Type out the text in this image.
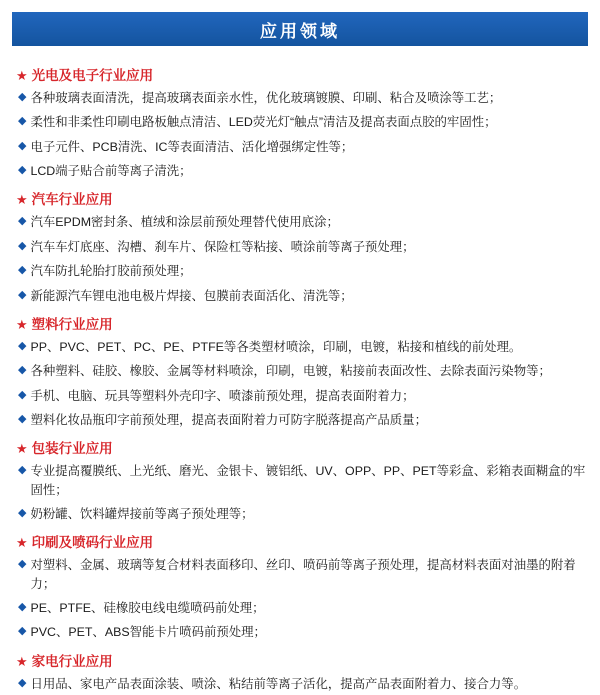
应用领域
★ 光电及电子行业应用
◆ 各种玻璃表面清洗，提高玻璃表面亲水性，优化玻璃镀膜、印刷、粘合及喷涂等工艺；
◆ 柔性和非柔性印刷电路板触点清洁、LED荧光灯“触点”清洁及提高表面点胶的牢固性；
◆ 电子元件、PCB清洗、IC等表面清洁、活化增强绑定性等；
◆ LCD端子贴合前等离子清洗；
★ 汽车行业应用
◆ 汽车EPDM密封条、植绒和涂层前预处理替代使用底涂；
◆ 汽车车灯底座、沟槽、刹车片、保险杠等粘接、喷涂前等离子预处理；
◆ 汽车防扎轮胎打胶前预处理；
◆ 新能源汽车锂电池电极片焊接、包膜前表面活化、清洗等；
★ 塑料行业应用
◆ PP、PVC、PET、PC、PE、PTFE等各类塑材喷涂，印刷，电镀，粘接和植线的前处理。
◆ 各种塑料、硅胶、橡胶、金属等材料喷涂，印刷，电镀，粘接前表面改性、去除表面污染物等；
◆ 手机、电脑、玩具等塑料外壳印字、喷漆前预处理，提高表面附着力；
◆ 塑料化妆品瓶印字前预处理，提高表面附着力可防字脱落提高产品质量；
★ 包装行业应用
◆ 专业提高覆膜纸、上光纸、磨光、金银卡、镀铝纸、UV、OPP、PP、PET等彩盒、彩箱表面糊盒的牢固性；
◆ 奶粉罐、饮料罐焊接前等离子预处理等；
★ 印刷及喷码行业应用
◆ 对塑料、金属、玻璃等复合材料表面移印、丝印、喷码前等离子预处理，提高材料表面对油墨的附着力；
◆ PE、PTFE、硅橡胶电线电缆喷码前处理；
◆ PVC、PET、ABS智能卡片喷码前预处理；
★ 家电行业应用
◆ 日用品、家电产品表面涂装、喷涂、粘结前等离子活化，提高产品表面附着力、接合力等。
